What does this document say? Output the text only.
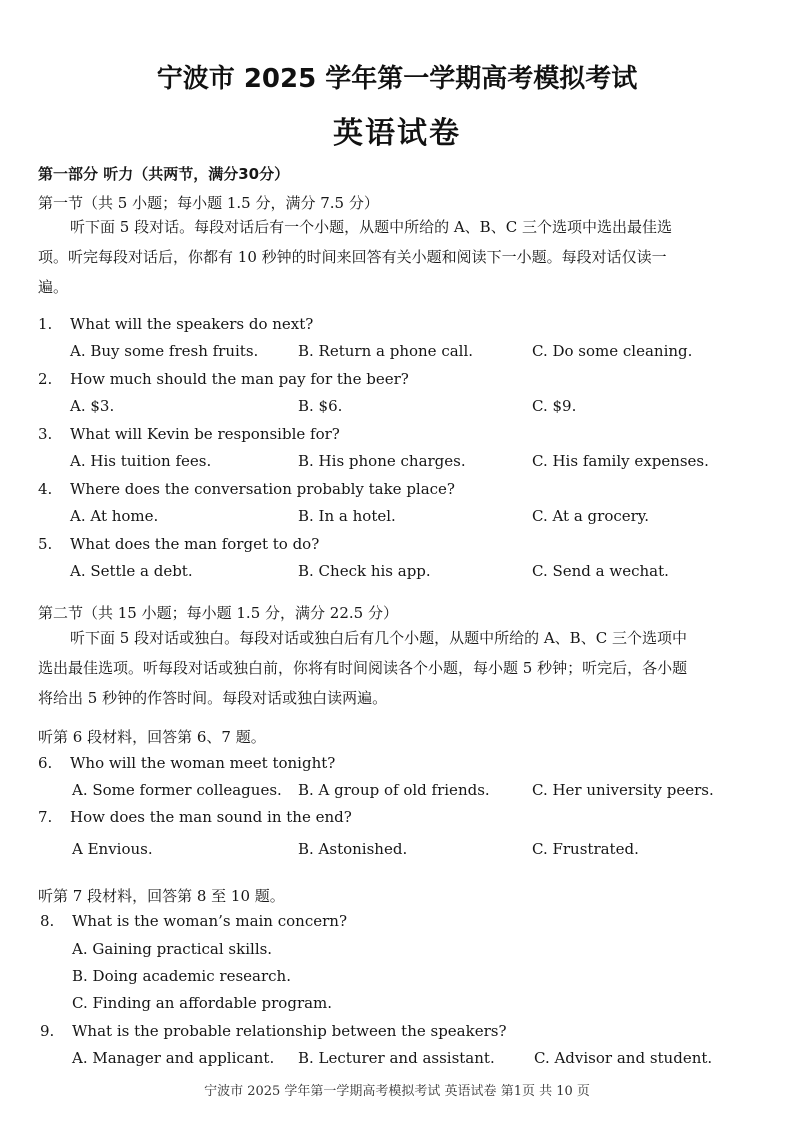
宁波市 2025 学年第一学期高考模拟考试
英语试卷
第一部分 听力（共两节，满分30分）
第一节（共 5 小题；每小题 1.5 分，满分 7.5 分）
听下面 5 段对话。每段对话后有一个小题，从题中所给的 A、B、C 三个选项中选出最佳选项。听完每段对话后，你都有 10 秒钟的时间来回答有关小题和阅读下一小题。每段对话仅读一遍。
1. What will the speakers do next?
A. Buy some fresh fruits.	B. Return a phone call.	C. Do some cleaning.
2. How much should the man pay for the beer?
A. $3.	B. $6.	C. $9.
3. What will Kevin be responsible for?
A. His tuition fees.	B. His phone charges.	C. His family expenses.
4. Where does the conversation probably take place?
A. At home.	B. In a hotel.	C. At a grocery.
5. What does the man forget to do?
A. Settle a debt.	B. Check his app.	C. Send a wechat.
第二节（共 15 小题；每小题 1.5 分，满分 22.5 分）
听下面 5 段对话或独白。每段对话或独白后有几个小题，从题中所给的 A、B、C 三个选项中选出最佳选项。听每段对话或独白前，你将有时间阅读各个小题，每小题 5 秒钟；听完后，各小题将给出 5 秒钟的作答时间。每段对话或独白读两遍。
听第 6 段材料，回答第 6、7 题。
6. Who will the woman meet tonight?
A. Some former colleagues. B. A group of old friends.	C. Her university peers.
7. How does the man sound in the end?
A Envious.	B. Astonished.	C. Frustrated.
听第 7 段材料，回答第 8 至 10 题。
8. What is the woman’s main concern?
A. Gaining practical skills.
B. Doing academic research.
C. Finding an affordable program.
9. What is the probable relationship between the speakers?
A. Manager and applicant. B. Lecturer and assistant.	C. Advisor and student.
宁波市 2025 学年第一学期高考模拟考试 英语试卷 第1页 共 10 页
